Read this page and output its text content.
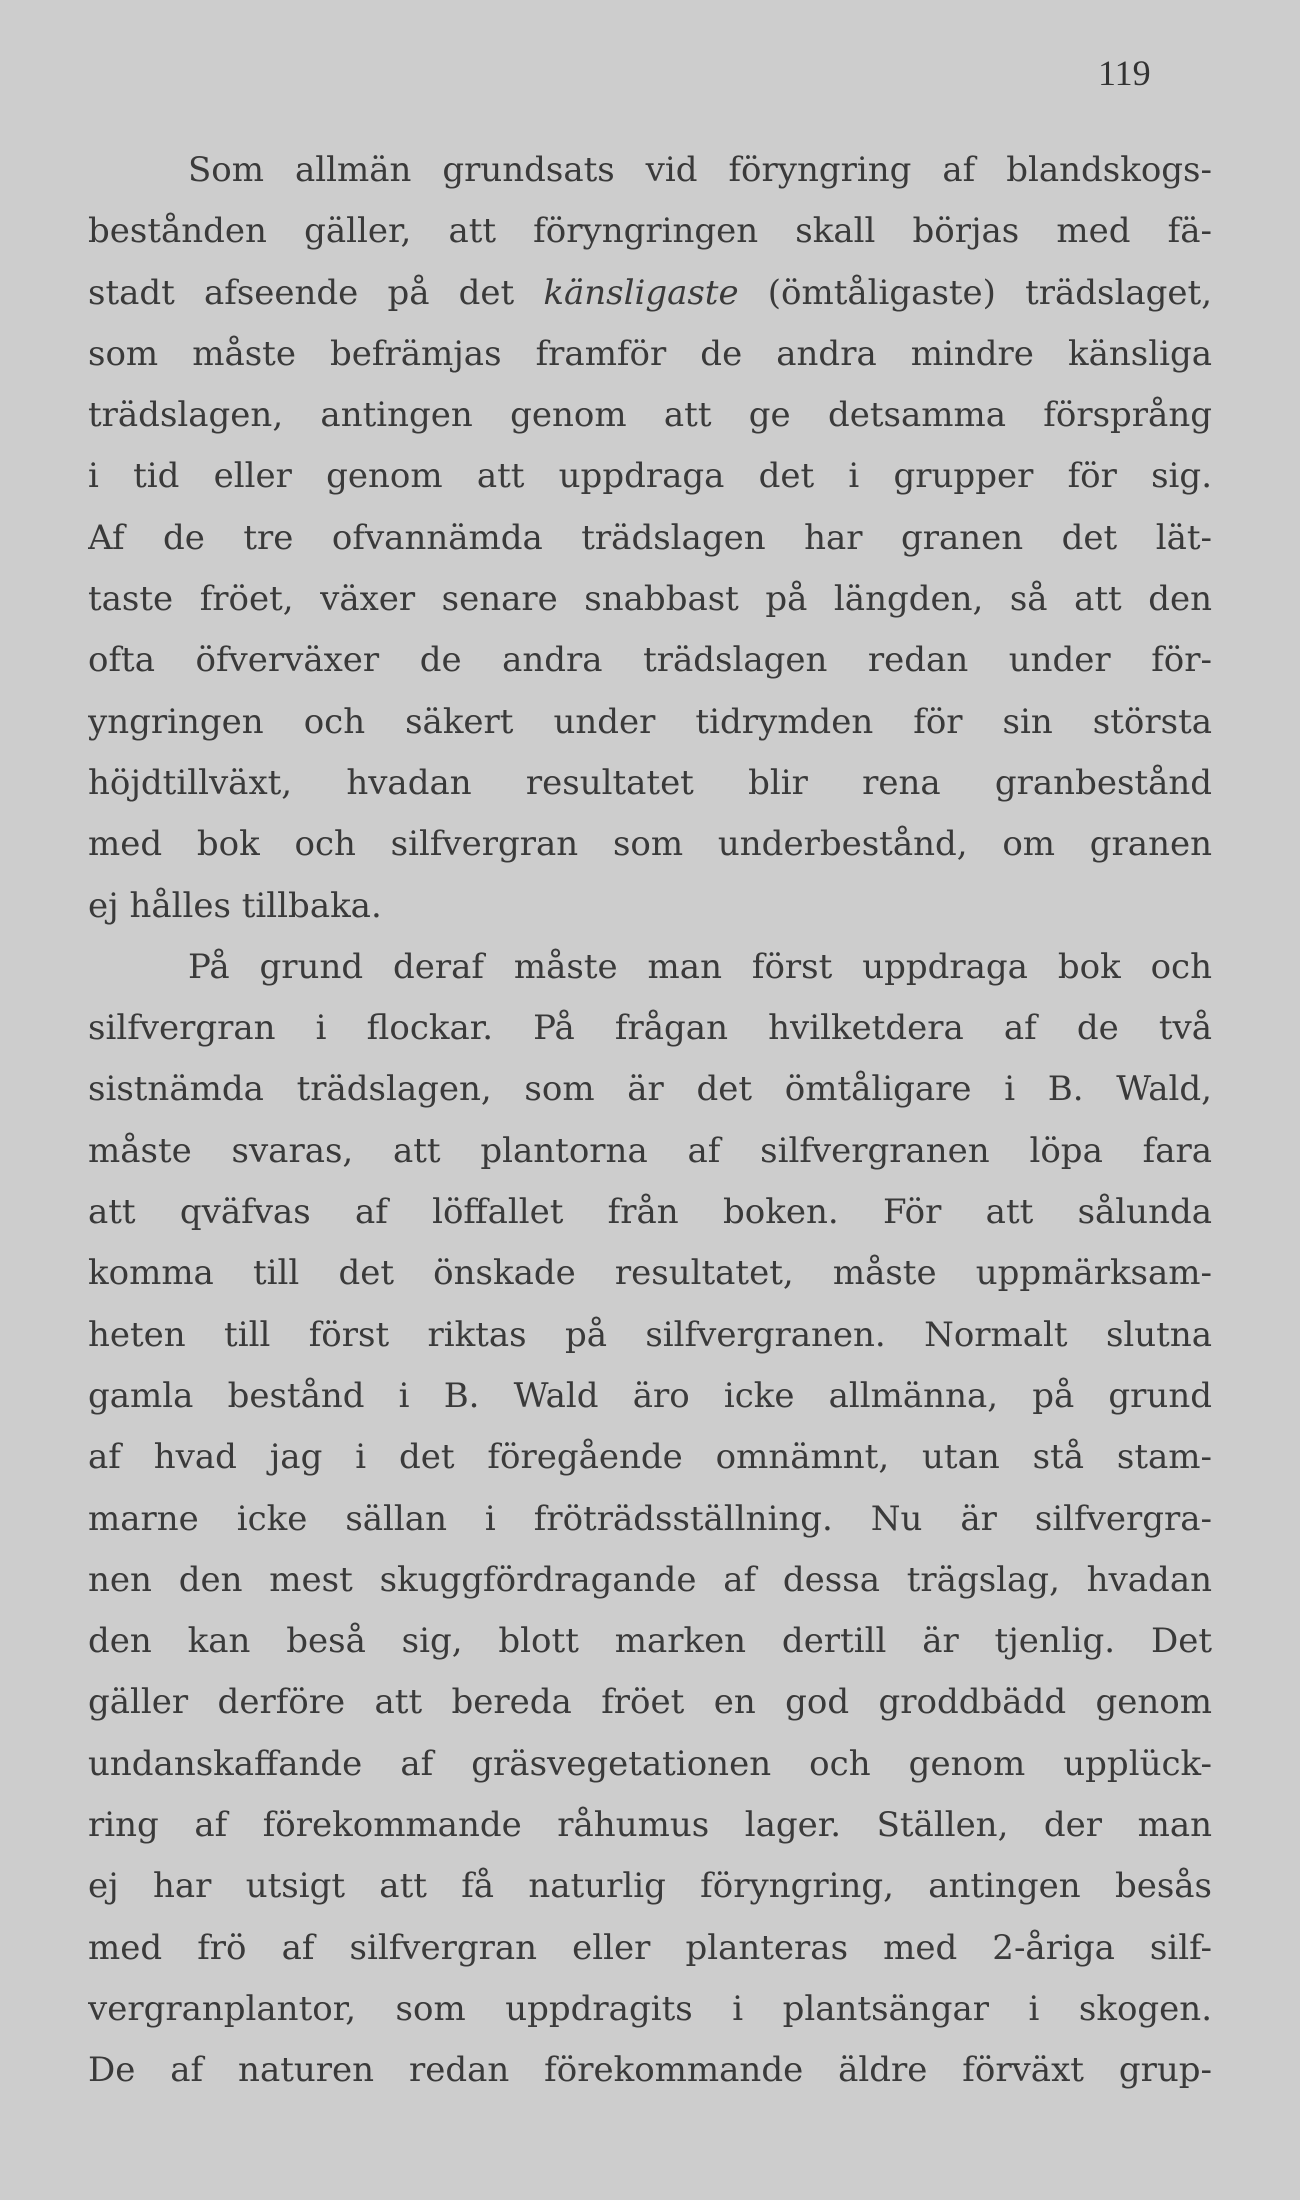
119
Som allmän grundsats vid föryngring af blandskogs-
bestånden gäller, att föryngringen skall börjas med fä-
stadt afseende på det känsligaste (ömtåligaste) trädslaget,
som måste befrämjas framför de andra mindre känsliga
trädslagen, antingen genom att ge detsamma försprång
i tid eller genom att uppdraga det i grupper för sig.
Af de tre ofvannämda trädslagen har granen det lät-
taste fröet, växer senare snabbast på längden, så att den
ofta öfverväxer de andra trädslagen redan under för-
yngringen och säkert under tidrymden för sin största
höjdtillväxt, hvadan resultatet blir rena granbestånd
med bok och silfvergran som underbestånd, om granen
ej hålles tillbaka.
På grund deraf måste man först uppdraga bok och
silfvergran i flockar. På frågan hvilketdera af de två
sistnämda trädslagen, som är det ömtåligare i B. Wald,
måste svaras, att plantorna af silfvergranen löpa fara
att qväfvas af löffallet från boken. För att sålunda
komma till det önskade resultatet, måste uppmärksam-
heten till först riktas på silfvergranen. Normalt slutna
gamla bestånd i B. Wald äro icke allmänna, på grund
af hvad jag i det föregående omnämnt, utan stå stam-
marne icke sällan i fröträdsställning. Nu är silfvergra-
nen den mest skuggfördragande af dessa trägslag, hvadan
den kan beså sig, blott marken dertill är tjenlig. Det
gäller derföre att bereda fröet en god groddbädd genom
undanskaffande af gräsvegetationen och genom upplück-
ring af förekommande råhumus lager. Ställen, der man
ej har utsigt att få naturlig föryngring, antingen besås
med frö af silfvergran eller planteras med 2-åriga silf-
vergranplantor, som uppdragits i plantsängar i skogen.
De af naturen redan förekommande äldre förväxt grup-
